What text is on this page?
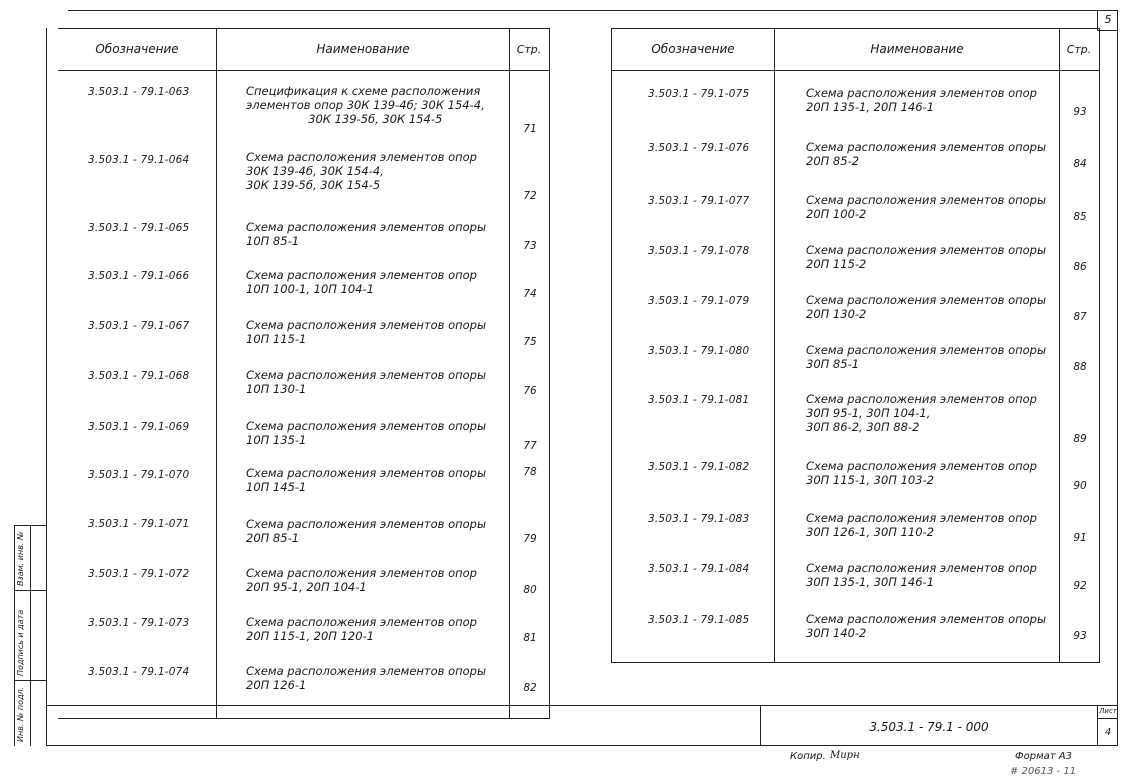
5
Обозначение	Наименование	Стр.
3.503.1 - 79.1-063	Спецификация к схеме расположения
элементов опор 30К 139-4б; 30К 154-4,
30К 139-5б, 30К 154-5
71
3.503.1 - 79.1-064	Схема расположения элементов опор
30К 139-4б, 30К 154-4,
30К 139-5б, 30К 154-5
72
3.503.1 - 79.1-065	Схема расположения элементов опоры
10П 85-1	73
3.503.1 - 79.1-066	Схема расположения элементов опор
10П 100-1, 10П 104-1	74
3.503.1 - 79.1-067	Схема расположения элементов опоры
10П 115-1	75
3.503.1 - 79.1-068	Схема расположения элементов опоры
10П 130-1	76
3.503.1 - 79.1-069	Схема расположения элементов опоры
10П 135-1	77
3.503.1 - 79.1-070	Схема расположения элементов опоры
10П 145-1
78
3.503.1 - 79.1-071	Схема расположения элементов опоры
20П 85-1	79
3.503.1 - 79.1-072	Схема расположения элементов опор
20П 95-1, 20П 104-1	80
3.503.1 - 79.1-073	Схема расположения элементов опор
20П 115-1, 20П 120-1	81
3.503.1 - 79.1-074	Схема расположения элементов опоры
20П 126-1	82
Обозначение	Наименование	Стр.
3.503.1 - 79.1-075	Схема расположения элементов опор
20П 135-1, 20П 146-1	93
3.503.1 - 79.1-076	Схема расположения элементов опоры
20П 85-2	84
3.503.1 - 79.1-077	Схема расположения элементов опоры
20П 100-2	85
3.503.1 - 79.1-078	Схема расположения элементов опоры
20П 115-2	86
3.503.1 - 79.1-079	Схема расположения элементов опоры
20П 130-2	87
3.503.1 - 79.1-080	Схема расположения элементов опоры
30П 85-1	88
3.503.1 - 79.1-081	Схема расположения элементов опор
30П 95-1, 30П 104-1,
30П 86-2, 30П 88-2
89
3.503.1 - 79.1-082	Схема расположения элементов опор
30П 115-1, 30П 103-2	90
3.503.1 - 79.1-083	Схема расположения элементов опор
30П 126-1, 30П 110-2	91
3.503.1 - 79.1-084	Схема расположения элементов опор
30П 135-1, 30П 146-1	92
3.503.1 - 79.1-085	Схема расположения элементов опоры
30П 140-2	93
3.503.1 - 79.1 - 000
Лист
4
Копир. Мирн	Формат А3
# 20613 - 11
Инв. № подл.
Подпись и дата
Взам. инв. №
